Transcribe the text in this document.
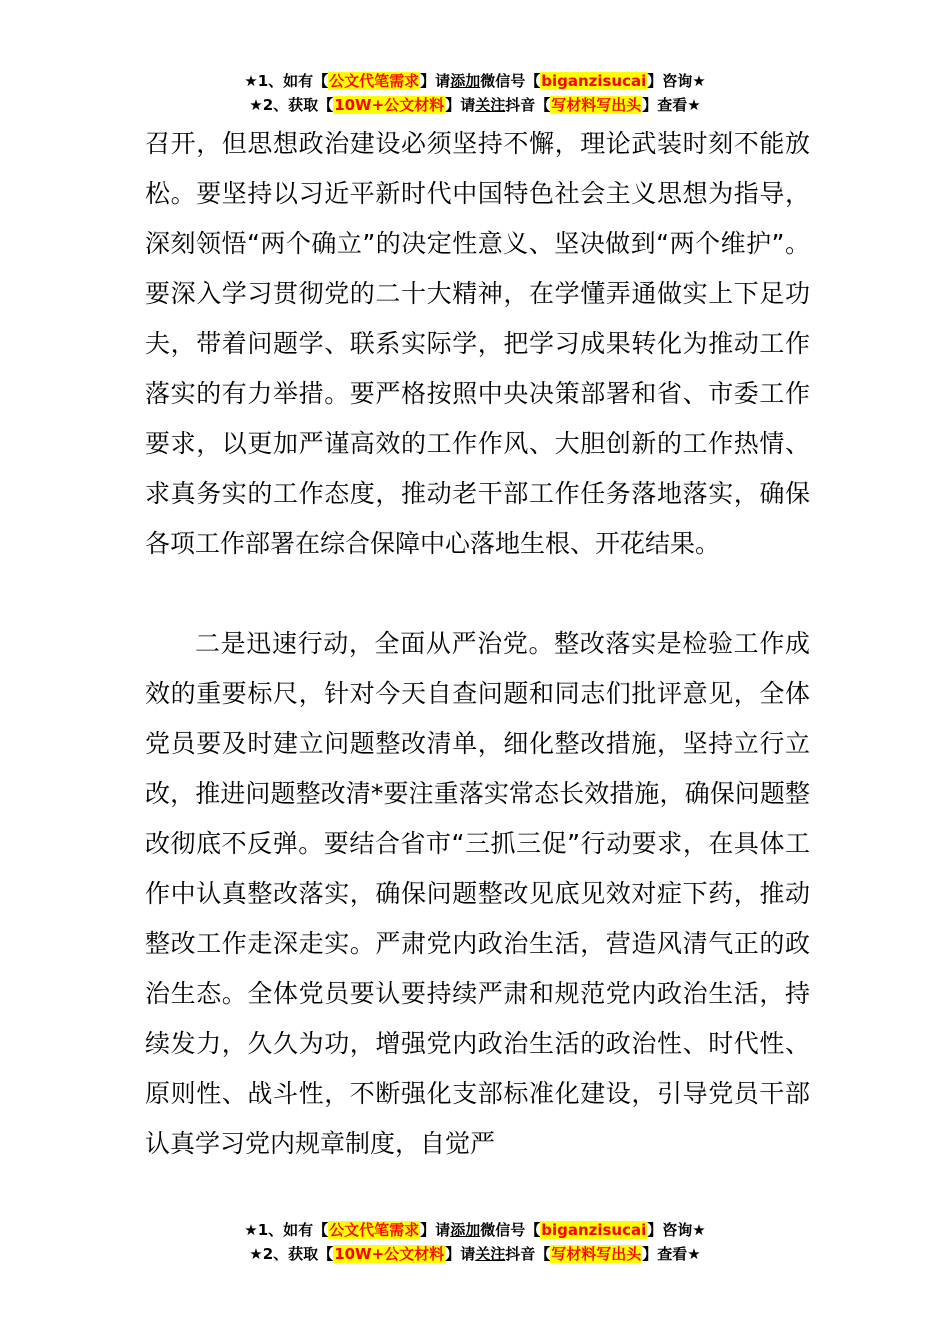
★1、如有【公文代笔需求】请添加微信号【biganzisucai】咨询★
★2、获取【10W+公文材料】请关注抖音【写材料写出头】查看★

召开，但思想政治建设必须坚持不懈，理论武装时刻不能放松。要坚持以习近平新时代中国特色社会主义思想为指导，深刻领悟“两个确立”的决定性意义、坚决做到“两个维护”。要深入学习贯彻党的二十大精神，在学懂弄通做实上下足功夫，带着问题学、联系实际学，把学习成果转化为推动工作落实的有力举措。要严格按照中央决策部署和省、市委工作要求，以更加严谨高效的工作作风、大胆创新的工作热情、求真务实的工作态度，推动老干部工作任务落地落实，确保各项工作部署在综合保障中心落地生根、开花结果。

二是迅速行动，全面从严治党。整改落实是检验工作成效的重要标尺，针对今天自查问题和同志们批评意见，全体党员要及时建立问题整改清单，细化整改措施，坚持立行立改，推进问题整改清*要注重落实常态长效措施，确保问题整改彻底不反弹。要结合省市“三抓三促”行动要求，在具体工作中认真整改落实，确保问题整改见底见效对症下药，推动整改工作走深走实。严肃党内政治生活，营造风清气正的政治生态。全体党员要认要持续严肃和规范党内政治生活，持续发力，久久为功，增强党内政治生活的政治性、时代性、原则性、战斗性，不断强化支部标准化建设，引导党员干部认真学习党内规章制度，自觉严

★1、如有【公文代笔需求】请添加微信号【biganzisucai】咨询★
★2、获取【10W+公文材料】请关注抖音【写材料写出头】查看★
